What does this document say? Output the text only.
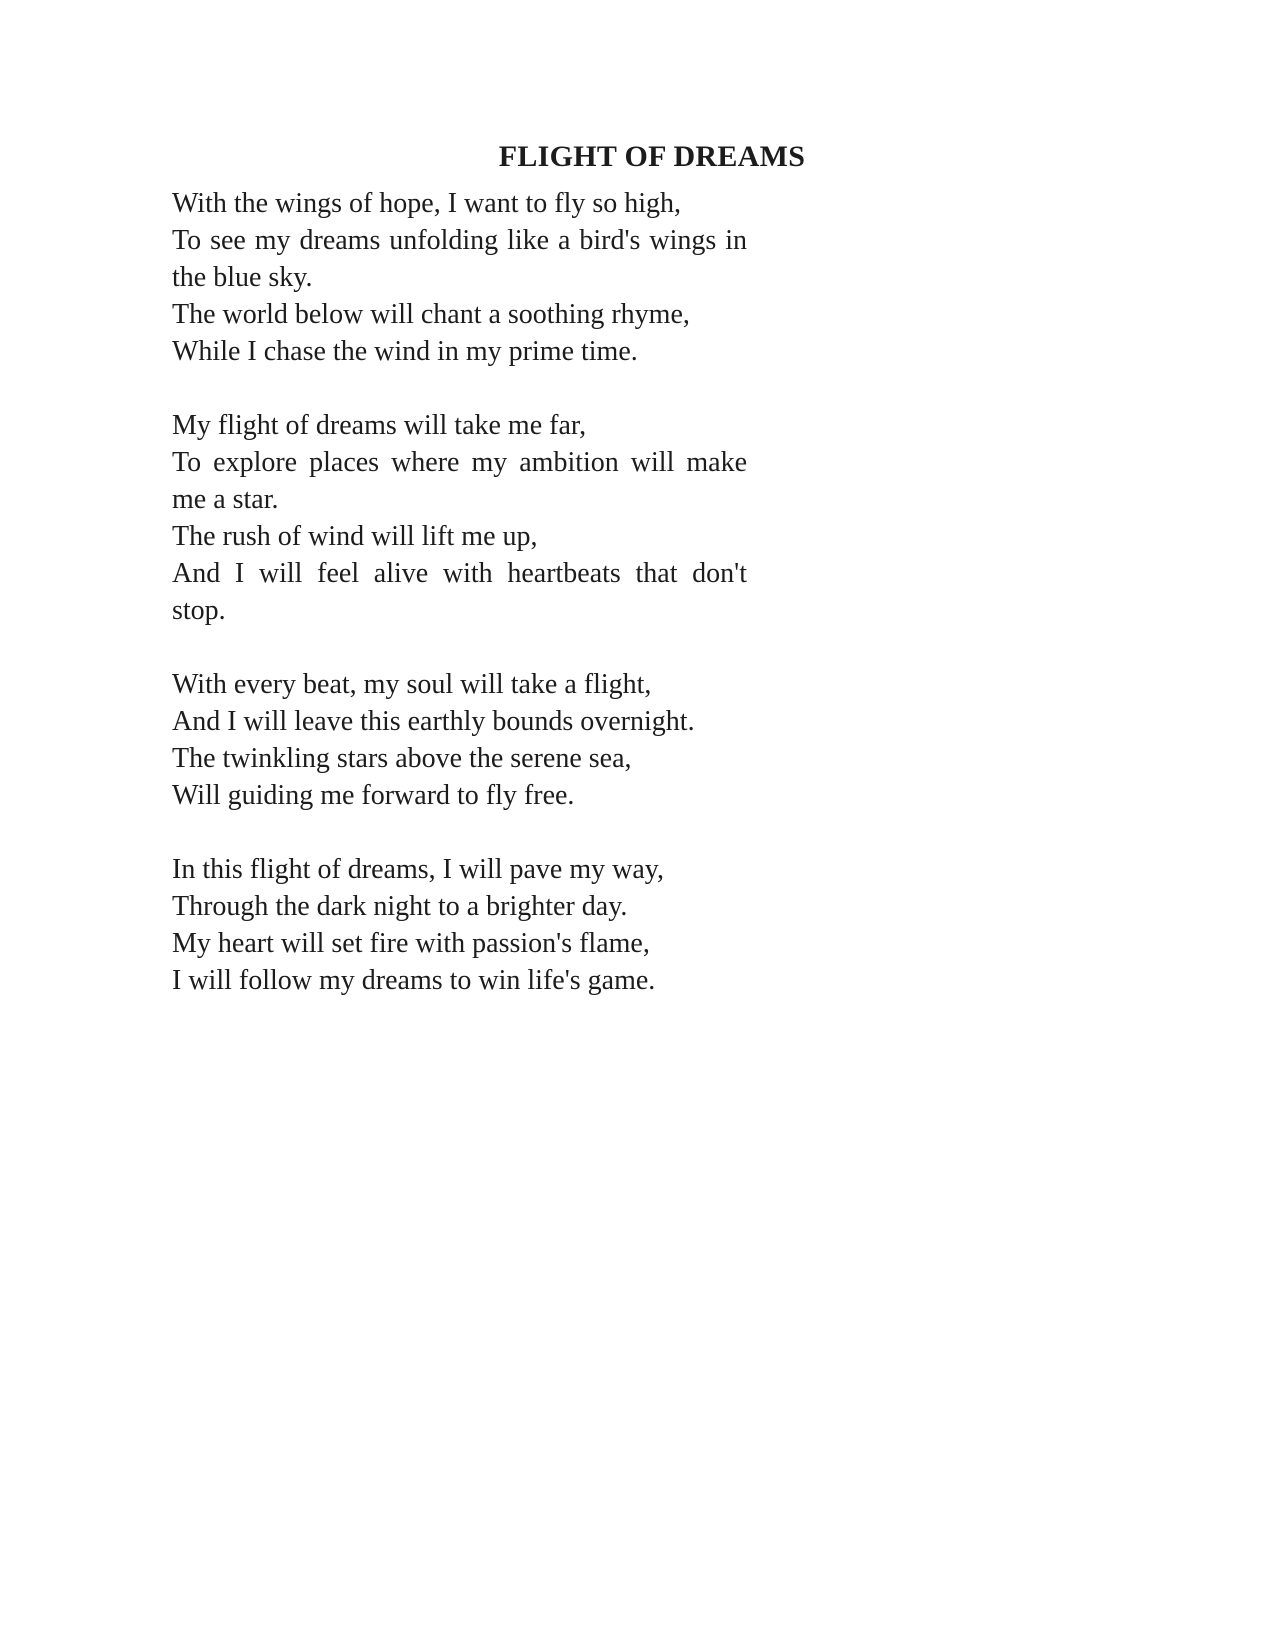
FLIGHT OF DREAMS
With the wings of hope, I want to fly so high,
To see my dreams unfolding like a bird's wings in
the blue sky.
The world below will chant a soothing rhyme,
While I chase the wind in my prime time.
My flight of dreams will take me far,
To explore places where my ambition will make
me a star.
The rush of wind will lift me up,
And I will feel alive with heartbeats that don't
stop.
With every beat, my soul will take a flight,
And I will leave this earthly bounds overnight.
The twinkling stars above the serene sea,
Will guiding me forward to fly free.
In this flight of dreams, I will pave my way,
Through the dark night to a brighter day.
My heart will set fire with passion's flame,
I will follow my dreams to win life's game.
